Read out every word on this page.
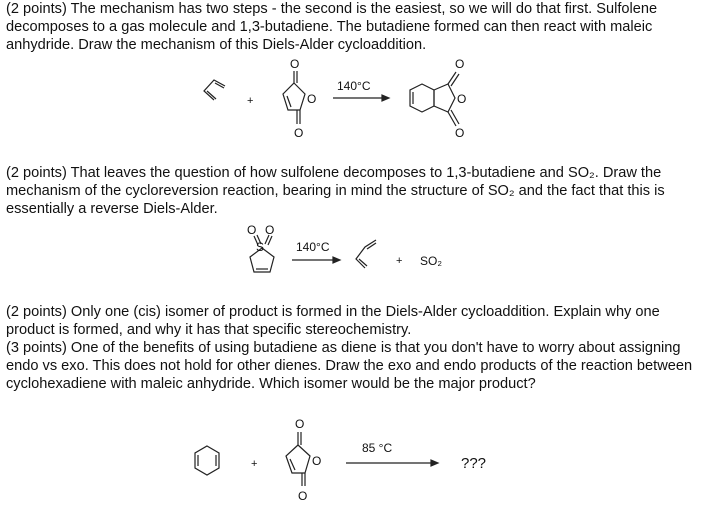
(2 points) The mechanism has two steps - the second is the easiest, so we will do that first. Sulfolene decomposes to a gas molecule and 1,3-butadiene. The butadiene formed can then react with maleic anhydride. Draw the mechanism of this Diels-Alder cycloaddition.

+
O
O
O
140°C
O
O
O

(2 points) That leaves the question of how sulfolene decomposes to 1,3-butadiene and SO₂. Draw the mechanism of the cycloreversion reaction, bearing in mind the structure of SO₂ and the fact that this is essentially a reverse Diels-Alder.

O O
S	140°C
+ SO₂

(2 points) Only one (cis) isomer of product is formed in the Diels-Alder cycloaddition. Explain why one product is formed, and why it has that specific stereochemistry.

(3 points) One of the benefits of using butadiene as diene is that you don't have to worry about assigning endo vs exo. This does not hold for other dienes. Draw the exo and endo products of the reaction between cyclohexadiene with maleic anhydride. Which isomer would be the major product?

+
O
O
O
85 °C
???
